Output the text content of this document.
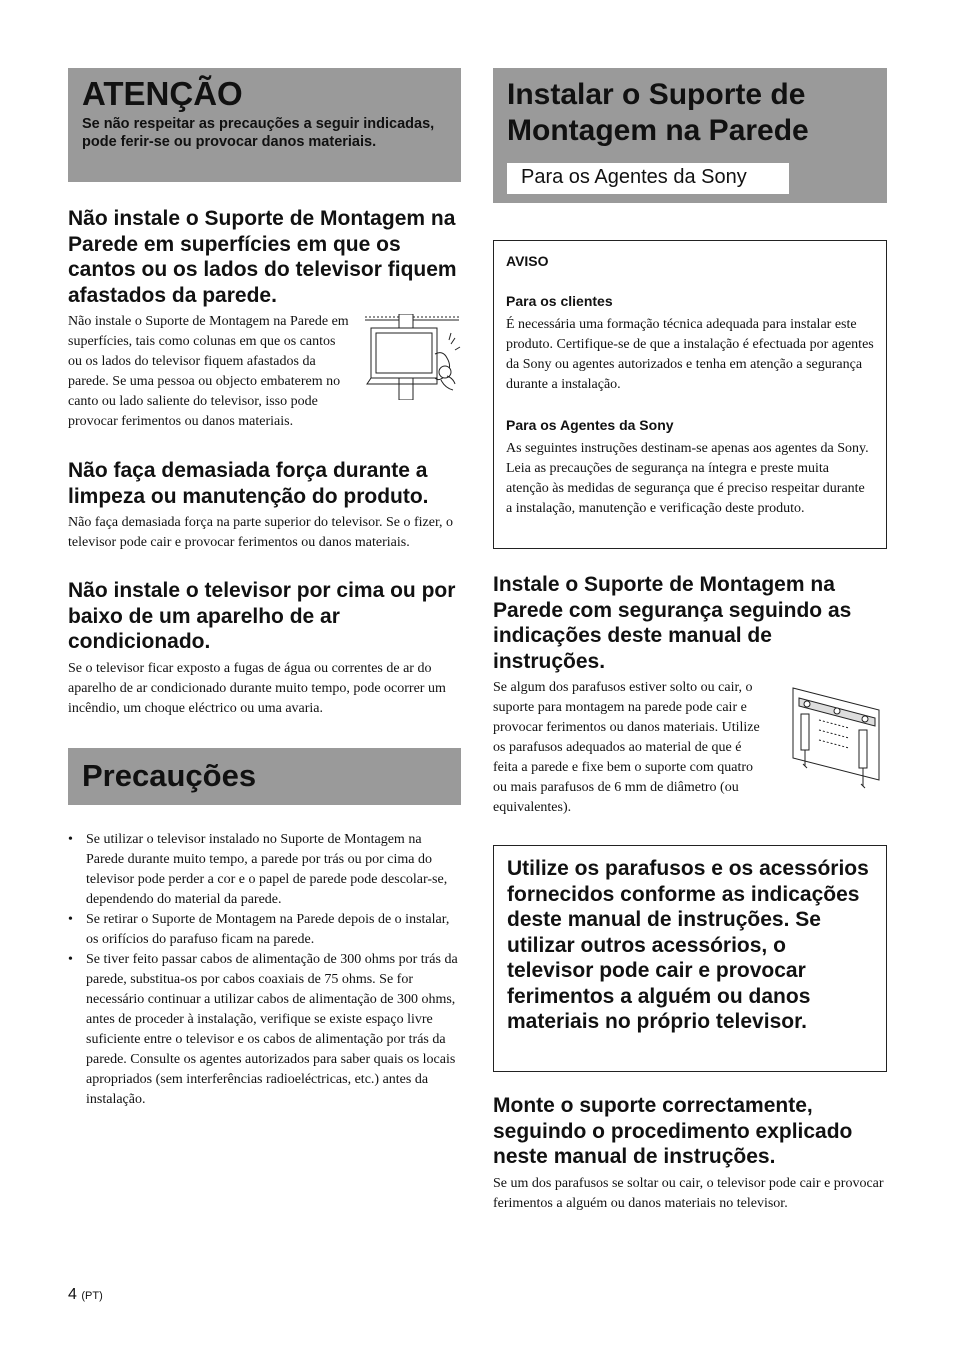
ATENÇÃO
Se não respeitar as precauções a seguir indicadas, pode ferir-se ou provocar danos materiais.
Não instale o Suporte de Montagem na Parede em superfícies em que os cantos ou os lados do televisor fiquem afastados da parede.

Não instale o Suporte de Montagem na Parede em superfícies, tais como colunas em que os cantos ou os lados do televisor fiquem afastados da parede. Se uma pessoa ou objecto embaterem no canto ou lado saliente do televisor, isso pode provocar ferimentos ou danos materiais.

Não faça demasiada força durante a limpeza ou manutenção do produto.

Não faça demasiada força na parte superior do televisor. Se o fizer, o televisor pode cair e provocar ferimentos ou danos materiais.

Não instale o televisor por cima ou por baixo de um aparelho de ar condicionado.

Se o televisor ficar exposto a fugas de água ou correntes de ar do aparelho de ar condicionado durante muito tempo, pode ocorrer um incêndio, um choque eléctrico ou uma avaria.

Precauções
• Se utilizar o televisor instalado no Suporte de Montagem na Parede durante muito tempo, a parede por trás ou por cima do televisor pode perder a cor e o papel de parede pode descolar-se, dependendo do material da parede.
• Se retirar o Suporte de Montagem na Parede depois de o instalar, os orifícios do parafuso ficam na parede.
• Se tiver feito passar cabos de alimentação de 300 ohms por trás da parede, substitua-os por cabos coaxiais de 75 ohms. Se for necessário continuar a utilizar cabos de alimentação de 300 ohms, antes de proceder à instalação, verifique se existe espaço livre suficiente entre o televisor e os cabos de alimentação por trás da parede. Consulte os agentes autorizados para saber quais os locais apropriados (sem interferências radioeléctricas, etc.) antes da instalação.
Instalar o Suporte de Montagem na Parede
Para os Agentes da Sony
AVISO
Para os clientes

É necessária uma formação técnica adequada para instalar este produto. Certifique-se de que a instalação é efectuada por agentes da Sony ou agentes autorizados e tenha em atenção a segurança durante a instalação.

Para os Agentes da Sony

As seguintes instruções destinam-se apenas aos agentes da Sony. Leia as precauções de segurança na íntegra e preste muita atenção às medidas de segurança que é preciso respeitar durante a instalação, manutenção e verificação deste produto.

Instale o Suporte de Montagem na Parede com segurança seguindo as indicações deste manual de instruções.

Se algum dos parafusos estiver solto ou cair, o suporte para montagem na parede pode cair e provocar ferimentos ou danos materiais. Utilize os parafusos adequados ao material de que é feita a parede e fixe bem o suporte com quatro ou mais parafusos de 6 mm de diâmetro (ou equivalentes).

Utilize os parafusos e os acessórios fornecidos conforme as indicações deste manual de instruções. Se utilizar outros acessórios, o televisor pode cair e provocar ferimentos a alguém ou danos materiais no próprio televisor.

Monte o suporte correctamente, seguindo o procedimento explicado neste manual de instruções.

Se um dos parafusos se soltar ou cair, o televisor pode cair e provocar ferimentos a alguém ou danos materiais no televisor.

4 (PT)
